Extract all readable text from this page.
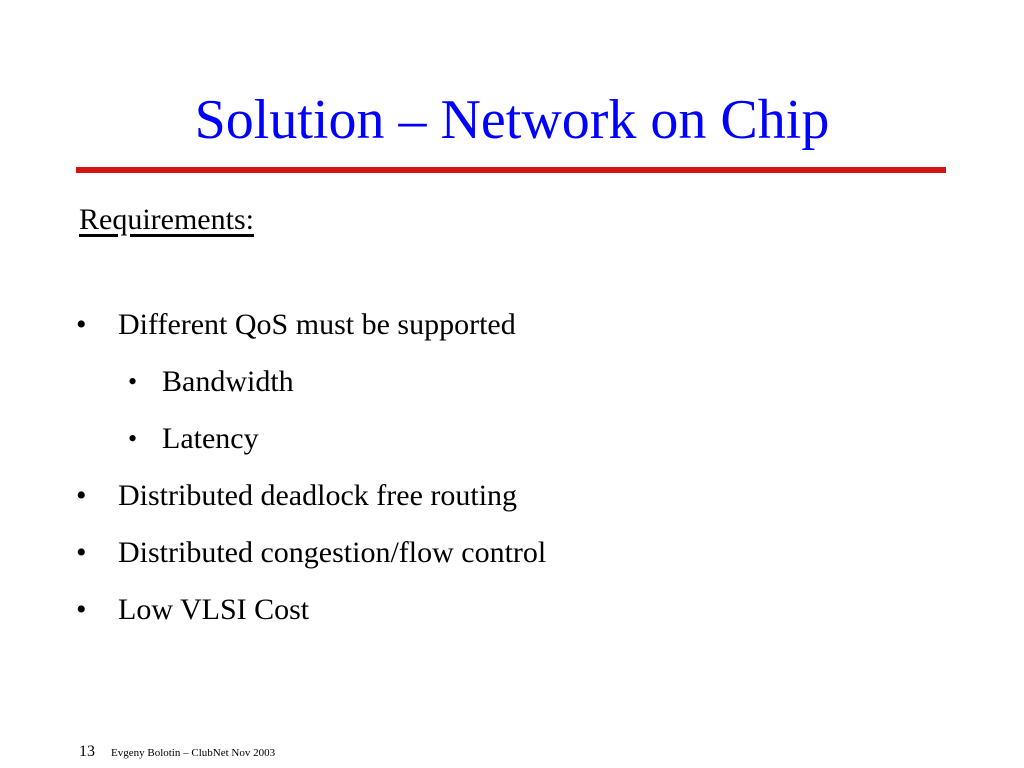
Solution – Network on Chip
Requirements:
• Different QoS must be supported
• Bandwidth
• Latency
• Distributed deadlock free routing
• Distributed congestion/flow control
• Low VLSI Cost
13 Evgeny Bolotin – ClubNet Nov 2003
